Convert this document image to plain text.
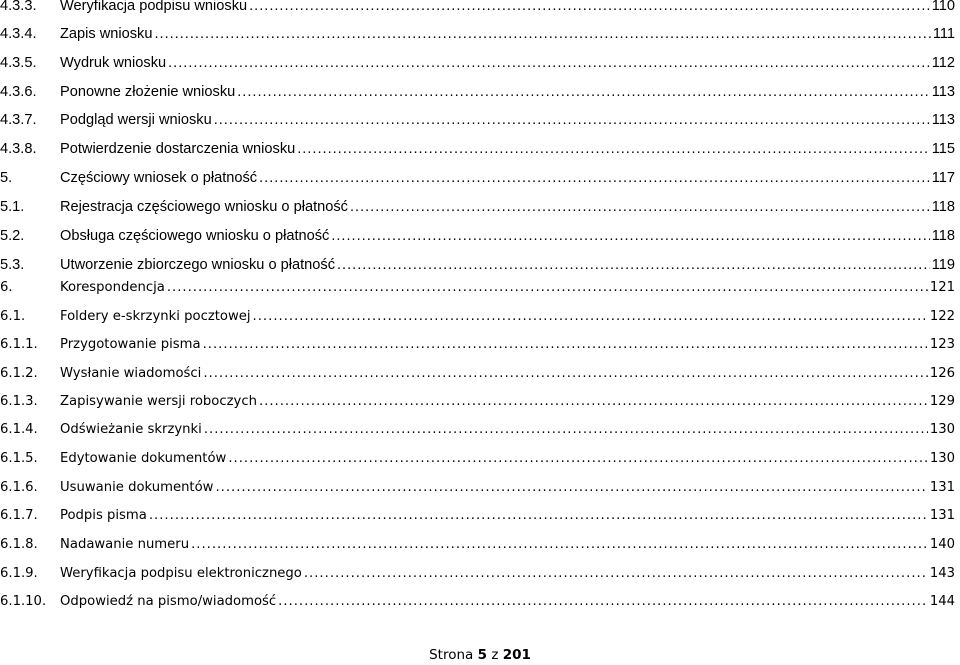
4.3.3.	Weryfikacja podpisu wniosku .....	110
4.3.4.	Zapis wniosku .....	111
4.3.5.	Wydruk wniosku .....	112
4.3.6.	Ponowne złożenie wniosku .....	113
4.3.7.	Podgląd wersji wniosku .....	113
4.3.8.	Potwierdzenie dostarczenia wniosku .....	115
5.	Częściowy wniosek o płatność .....	117
5.1.	Rejestracja częściowego wniosku o płatność .....	118
5.2.	Obsługa częściowego wniosku o płatność .....	118
5.3.	Utworzenie zbiorczego wniosku o płatność .....	119
6.	Korespondencja .....	121
6.1.	Foldery e-skrzynki pocztowej .....	122
6.1.1.	Przygotowanie pisma .....	123
6.1.2.	Wysłanie wiadomości .....	126
6.1.3.	Zapisywanie wersji roboczych .....	129
6.1.4.	Odświeżanie skrzynki .....	130
6.1.5.	Edytowanie dokumentów .....	130
6.1.6.	Usuwanie dokumentów .....	131
6.1.7.	Podpis pisma .....	131
6.1.8.	Nadawanie numeru .....	140
6.1.9.	Weryfikacja podpisu elektronicznego .....	143
6.1.10.	Odpowiedź na pismo/wiadomość .....	144
Strona 5 z 201
